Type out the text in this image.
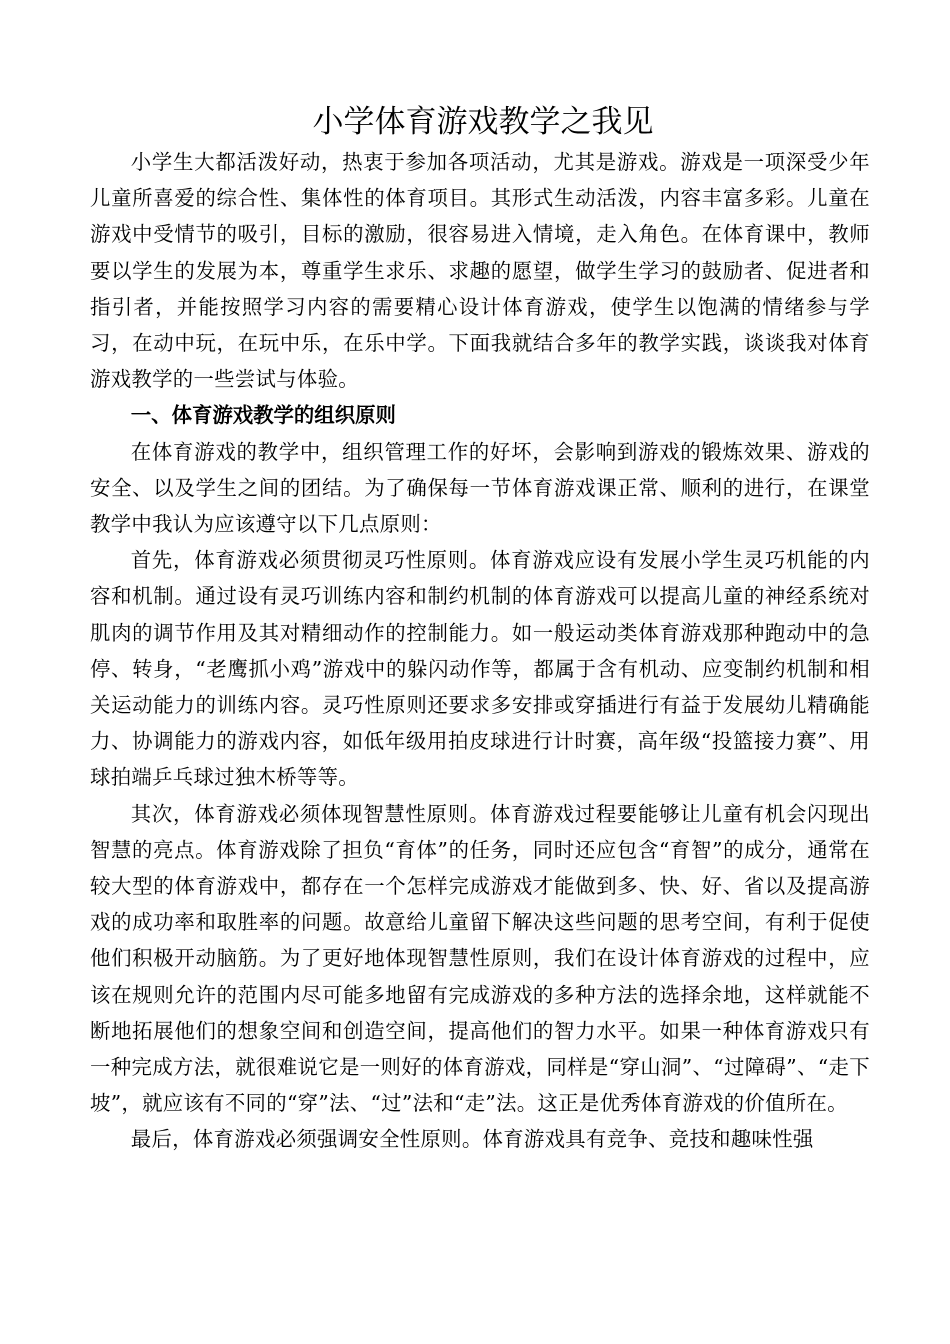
小学体育游戏教学之我见

小学生大都活泼好动，热衷于参加各项活动，尤其是游戏。游戏是一项深受少年儿童所喜爱的综合性、集体性的体育项目。其形式生动活泼，内容丰富多彩。儿童在游戏中受情节的吸引，目标的激励，很容易进入情境，走入角色。在体育课中，教师要以学生的发展为本，尊重学生求乐、求趣的愿望，做学生学习的鼓励者、促进者和指引者，并能按照学习内容的需要精心设计体育游戏，使学生以饱满的情绪参与学习，在动中玩，在玩中乐，在乐中学。下面我就结合多年的教学实践，谈谈我对体育游戏教学的一些尝试与体验。

一、体育游戏教学的组织原则

在体育游戏的教学中，组织管理工作的好坏，会影响到游戏的锻炼效果、游戏的安全、以及学生之间的团结。为了确保每一节体育游戏课正常、顺利的进行，在课堂教学中我认为应该遵守以下几点原则：

首先，体育游戏必须贯彻灵巧性原则。体育游戏应设有发展小学生灵巧机能的内容和机制。通过设有灵巧训练内容和制约机制的体育游戏可以提高儿童的神经系统对肌肉的调节作用及其对精细动作的控制能力。如一般运动类体育游戏那种跑动中的急停、转身，“老鹰抓小鸡”游戏中的躲闪动作等，都属于含有机动、应变制约机制和相关运动能力的训练内容。灵巧性原则还要求多安排或穿插进行有益于发展幼儿精确能力、协调能力的游戏内容，如低年级用拍皮球进行计时赛，高年级“投篮接力赛”、用球拍端乒乓球过独木桥等等。

其次，体育游戏必须体现智慧性原则。体育游戏过程要能够让儿童有机会闪现出智慧的亮点。体育游戏除了担负“育体”的任务，同时还应包含“育智”的成分，通常在较大型的体育游戏中，都存在一个怎样完成游戏才能做到多、快、好、省以及提高游戏的成功率和取胜率的问题。故意给儿童留下解决这些问题的思考空间，有利于促使他们积极开动脑筋。为了更好地体现智慧性原则，我们在设计体育游戏的过程中，应该在规则允许的范围内尽可能多地留有完成游戏的多种方法的选择余地，这样就能不断地拓展他们的想象空间和创造空间，提高他们的智力水平。如果一种体育游戏只有一种完成方法，就很难说它是一则好的体育游戏，同样是“穿山洞”、“过障碍”、“走下坡”，就应该有不同的“穿”法、“过”法和“走”法。这正是优秀体育游戏的价值所在。

最后，体育游戏必须强调安全性原则。体育游戏具有竞争、竞技和趣味性强
